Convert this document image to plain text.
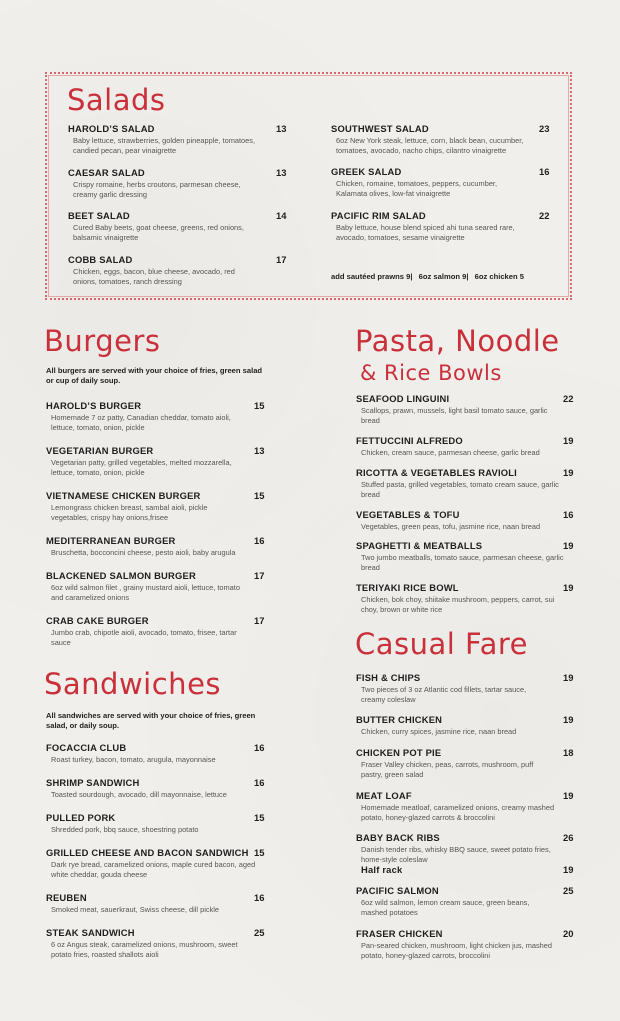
Salads
HAROLD’S SALAD	13
Baby lettuce, strawberries, golden pineapple, tomatoes, candied pecan, pear vinaigrette
CAESAR SALAD	13
Crispy romaine, herbs croutons, parmesan cheese, creamy garlic dressing
BEET SALAD	14
Cured Baby beets, goat cheese, greens, red onions, balsamic vinaigrette
COBB SALAD	17
Chicken, eggs, bacon, blue cheese, avocado, red onions, tomatoes, ranch dressing
SOUTHWEST SALAD	23
6oz New York steak, lettuce, corn, black bean, cucumber, tomatoes, avocado, nacho chips, cilantro vinaigrette
GREEK SALAD	16
Chicken, romaine, tomatoes, peppers, cucumber, Kalamata olives, low-fat vinaigrette
PACIFIC RIM SALAD	22
Baby lettuce, house blend spiced ahi tuna seared rare, avocado, tomatoes, sesame vinaigrette
add sautéed prawns 9| 6oz salmon 9| 6oz chicken 5
Burgers
All burgers are served with your choice of fries, green salad or cup of daily soup.
HAROLD’S BURGER	15
Homemade 7 oz patty, Canadian cheddar, tomato aioli, lettuce, tomato, onion, pickle
VEGETARIAN BURGER	13
Vegetarian patty, grilled vegetables, melted mozzarella, lettuce, tomato, onion, pickle
VIETNAMESE CHICKEN BURGER	15
Lemongrass chicken breast, sambal aioli, pickle vegetables, crispy hay onions,frisee
MEDITERRANEAN BURGER	16
Bruschetta, bocconcini cheese, pesto aioli, baby arugula
BLACKENED SALMON BURGER	17
6oz wild salmon filet , grainy mustard aioli, lettuce, tomato and caramelized onions
CRAB CAKE BURGER	17
Jumbo crab, chipotle aioli, avocado, tomato, frisee, tartar sauce
Sandwiches
All sandwiches are served with your choice of fries, green salad, or daily soup.
FOCACCIA CLUB	16
Roast turkey, bacon, tomato, arugula, mayonnaise
SHRIMP SANDWICH	16
Toasted sourdough, avocado, dill mayonnaise, lettuce
PULLED PORK	15
Shredded pork, bbq sauce, shoestring potato
GRILLED CHEESE AND BACON SANDWICH 15
Dark rye bread, caramelized onions, maple cured bacon, aged white cheddar, gouda cheese
REUBEN	16
Smoked meat, sauerkraut, Swiss cheese, dill pickle
STEAK SANDWICH	25
6 oz Angus steak, caramelized onions, mushroom, sweet potato fries, roasted shallots aioli
Pasta, Noodle
& Rice Bowls
SEAFOOD LINGUINI	22
Scallops, prawn, mussels, light basil tomato sauce, garlic bread
FETTUCCINI ALFREDO	19
Chicken, cream sauce, parmesan cheese, garlic bread
RICOTTA & VEGETABLES RAVIOLI	19
Stuffed pasta, grilled vegetables, tomato cream sauce, garlic bread
VEGETABLES & TOFU	16
Vegetables, green peas, tofu, jasmine rice, naan bread
SPAGHETTI & MEATBALLS	19
Two jumbo meatballs, tomato sauce, parmesan cheese, garlic bread
TERIYAKI RICE BOWL	19
Chicken, bok choy, shiitake mushroom, peppers, carrot, sui choy, brown or white rice
Casual Fare
FISH & CHIPS	19
Two pieces of 3 oz Atlantic cod fillets, tartar sauce, creamy coleslaw
BUTTER CHICKEN	19
Chicken, curry spices, jasmine rice, naan bread
CHICKEN POT PIE	18
Fraser Valley chicken, peas, carrots, mushroom, puff pastry, green salad
MEAT LOAF	19
Homemade meatloaf, caramelized onions, creamy mashed potato, honey-glazed carrots & broccolini
BABY BACK RIBS	26
Danish tender ribs, whisky BBQ sauce, sweet potato fries, home-style coleslaw
Half rack	19
PACIFIC SALMON	25
6oz wild salmon, lemon cream sauce, green beans, mashed potatoes
FRASER CHICKEN	20
Pan-seared chicken, mushroom, light chicken jus, mashed potato, honey-glazed carrots, broccolini
